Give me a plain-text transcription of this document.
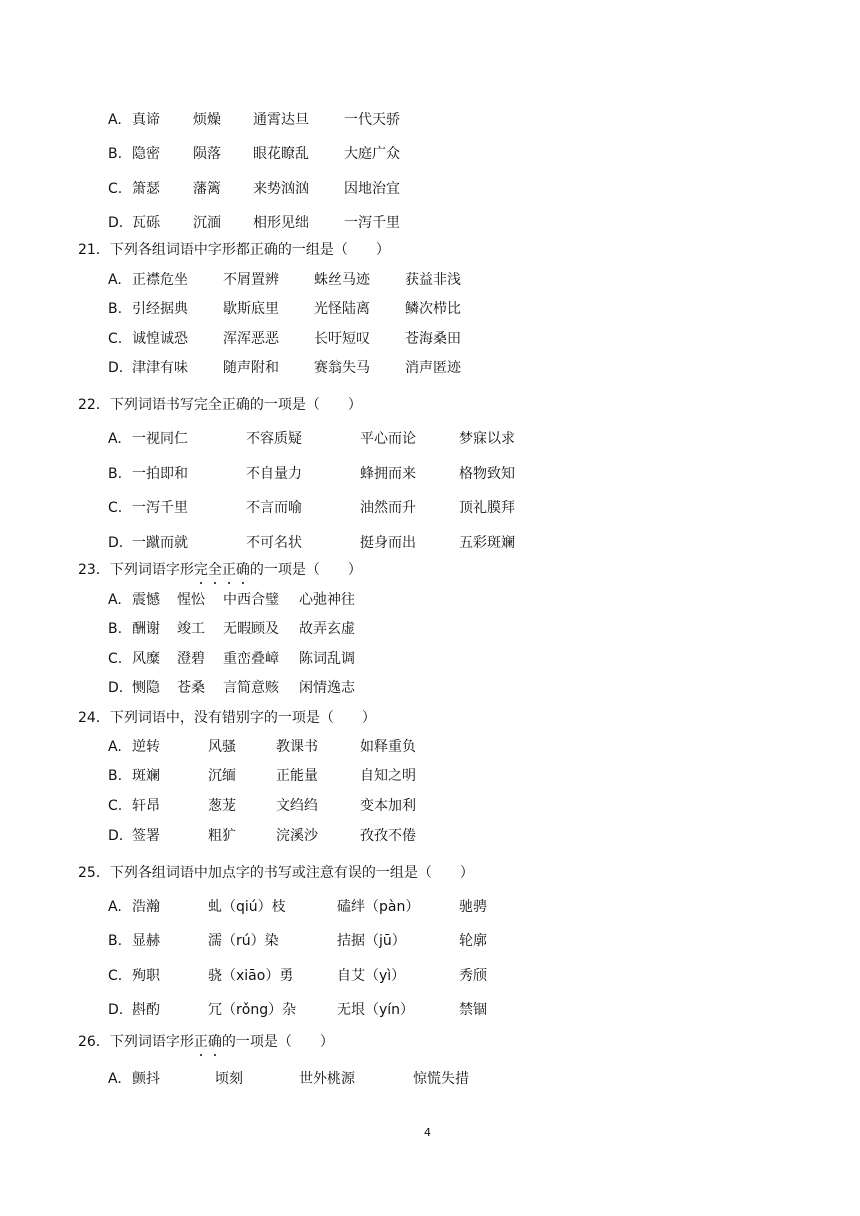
A. 真谛 烦燥 通霄达旦	一代天骄
B. 隐密 陨落 眼花瞭乱	大庭广众
C. 箫瑟 藩篱 来势汹汹	因地治宜
D. 瓦砾 沉湎 相形见绌	一泻千里
21．下列各组词语中字形都正确的一组是（　　）
A. 正襟危坐	不屑置辨	蛛丝马迹	获益非浅
B. 引经据典	歇斯底里	光怪陆离	鳞次栉比
C. 诚惶诚恐	浑浑恶恶	长吁短叹	苍海桑田
D. 津津有味	随声附和	赛翁失马	消声匿迹
22．下列词语书写完全正确的一项是（　　）
A. 一视同仁	不容质疑	平心而论	梦寐以求
B. 一拍即和	不自量力	蜂拥而来	格物致知
C. 一泻千里	不言而喻	油然而升	顶礼膜拜
D. 一蹴而就	不可名状	挺身而出	五彩斑斓
23．下列词语字形完全正确的一项是（　　）
A. 震憾 惺忪 中西合璧 心弛神往
B. 酬谢 竣工 无暇顾及 故弄玄虚
C. 风糜 澄碧 重峦叠嶂 陈词乱调
D. 恻隐 苍桑 言简意赅 闲情逸志
24．下列词语中，没有错别字的一项是（　　）
A. 逆转	风骚	教课书	如释重负
B. 斑斓	沉缅	正能量	自知之明
C. 轩昂	葱茏	文绉绉	变本加利
D. 签署	粗犷	浣溪沙	孜孜不倦
25．下列各组词语中加点字的书写或注意有误的一组是（　　）
A. 浩瀚	虬（qiú）枝	磕绊（pàn）	驰骋
B. 显赫	濡（rú）染	拮据（jū）	轮廓
C. 殉职	骁（xiāo）勇	自艾（yì）	秀颀
D. 斟酌	冗（rǒng）杂	无垠（yín）	禁锢
26．下列词语字形正确的一项是（　　）
A. 颤抖	顷刻	世外桃源	惊慌失措
4
